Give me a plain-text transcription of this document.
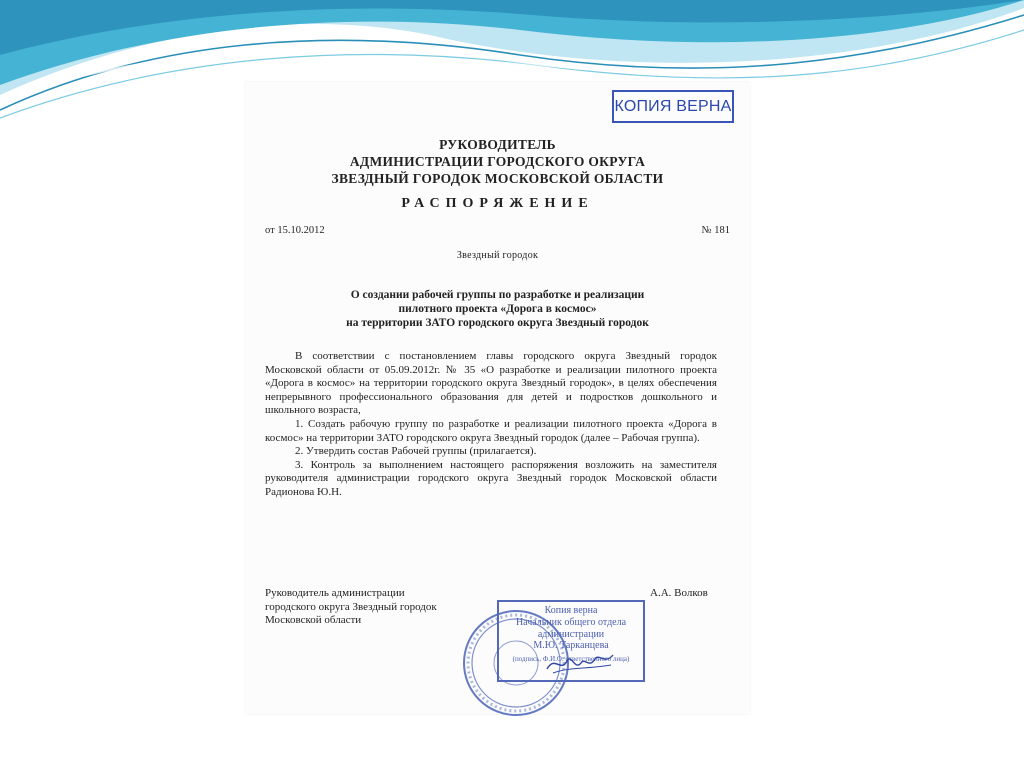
КОПИЯ ВЕРНА
РУКОВОДИТЕЛЬ
АДМИНИСТРАЦИИ ГОРОДСКОГО ОКРУГА
ЗВЕЗДНЫЙ ГОРОДОК МОСКОВСКОЙ ОБЛАСТИ
РАСПОРЯЖЕНИЕ
от 15.10.2012	№ 181
Звездный городок
О создании рабочей группы по разработке и реализации
пилотного проекта «Дорога в космос»
на территории ЗАТО городского округа Звездный городок

В соответствии с постановлением главы городского округа Звездный городок Московской области от 05.09.2012г. № 35 «О разработке и реализации пилотного проекта «Дорога в космос» на территории городского округа Звездный городок», в целях обеспечения непрерывного профессионального образования для детей и подростков дошкольного и школьного возраста,

1. Создать рабочую группу по разработке и реализации пилотного проекта «Дорога в космос» на территории ЗАТО городского округа Звездный городок (далее – Рабочая группа).

2. Утвердить состав Рабочей группы (прилагается).

3. Контроль за выполнением настоящего распоряжения возложить на заместителя руководителя администрации городского округа Звездный городок Московской области Радионова Ю.Н.

Руководитель администрации
городского округа Звездный городок
Московской области
А.А. Волков
Копия верна
Начальник общего отдела
администрации
М.Ю. Тарканцева
(подпись, Ф.И.О. ответственного лица)
